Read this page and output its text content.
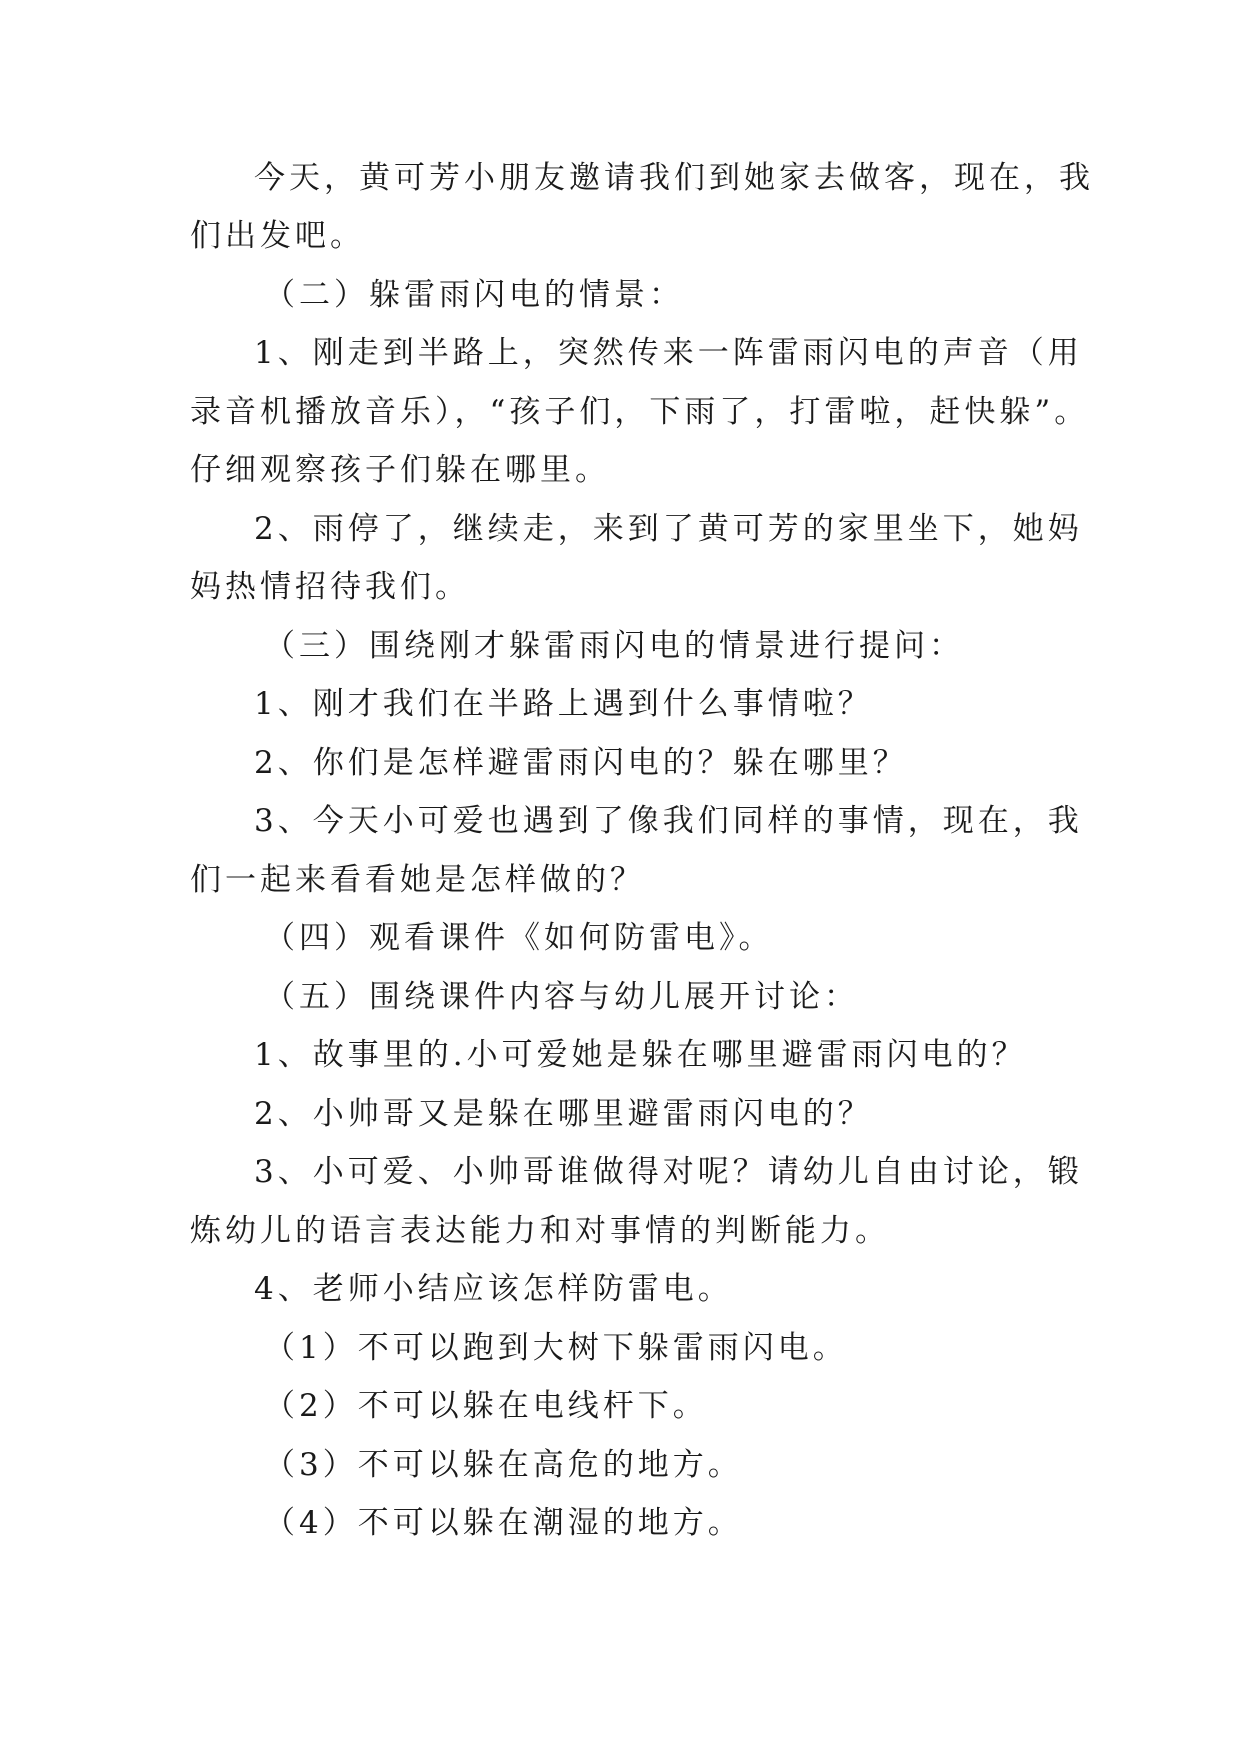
今天，黄可芳小朋友邀请我们到她家去做客，现在，我
们出发吧。
（二）躲雷雨闪电的情景：
1、刚走到半路上，突然传来一阵雷雨闪电的声音（用
录音机播放音乐），“孩子们，下雨了，打雷啦，赶快躲”。
仔细观察孩子们躲在哪里。
2、雨停了，继续走，来到了黄可芳的家里坐下，她妈
妈热情招待我们。
（三）围绕刚才躲雷雨闪电的情景进行提问：
1、刚才我们在半路上遇到什么事情啦？
2、你们是怎样避雷雨闪电的？躲在哪里？
3、今天小可爱也遇到了像我们同样的事情，现在，我
们一起来看看她是怎样做的？
（四）观看课件《如何防雷电》。
（五）围绕课件内容与幼儿展开讨论：
1、故事里的.小可爱她是躲在哪里避雷雨闪电的？
2、小帅哥又是躲在哪里避雷雨闪电的？
3、小可爱、小帅哥谁做得对呢？请幼儿自由讨论，锻
炼幼儿的语言表达能力和对事情的判断能力。
4、老师小结应该怎样防雷电。
（1）不可以跑到大树下躲雷雨闪电。
（2）不可以躲在电线杆下。
（3）不可以躲在高危的地方。
（4）不可以躲在潮湿的地方。
